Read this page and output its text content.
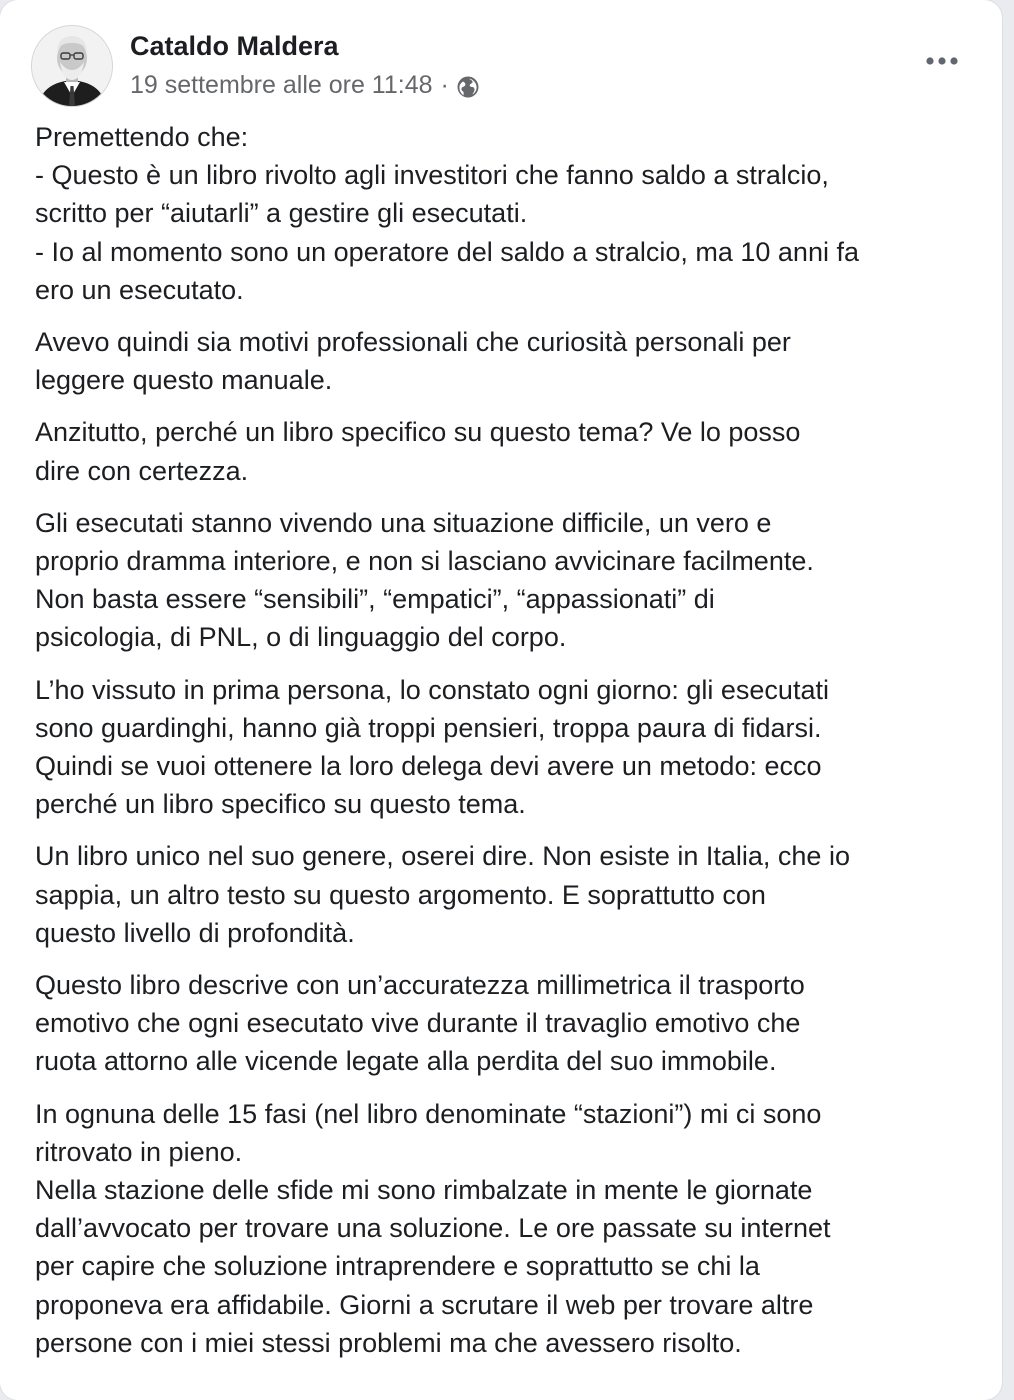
Cataldo Maldera
19 settembre alle ore 11:48 ·

Premettendo che:
- Questo è un libro rivolto agli investitori che fanno saldo a stralcio,
scritto per “aiutarli” a gestire gli esecutati.
- Io al momento sono un operatore del saldo a stralcio, ma 10 anni fa
ero un esecutato.

Avevo quindi sia motivi professionali che curiosità personali per
leggere questo manuale.

Anzitutto, perché un libro specifico su questo tema? Ve lo posso
dire con certezza.

Gli esecutati stanno vivendo una situazione difficile, un vero e
proprio dramma interiore, e non si lasciano avvicinare facilmente.
Non basta essere “sensibili”, “empatici”, “appassionati” di
psicologia, di PNL, o di linguaggio del corpo.

L’ho vissuto in prima persona, lo constato ogni giorno: gli esecutati
sono guardinghi, hanno già troppi pensieri, troppa paura di fidarsi.
Quindi se vuoi ottenere la loro delega devi avere un metodo: ecco
perché un libro specifico su questo tema.

Un libro unico nel suo genere, oserei dire. Non esiste in Italia, che io
sappia, un altro testo su questo argomento. E soprattutto con
questo livello di profondità.

Questo libro descrive con un’accuratezza millimetrica il trasporto
emotivo che ogni esecutato vive durante il travaglio emotivo che
ruota attorno alle vicende legate alla perdita del suo immobile.

In ognuna delle 15 fasi (nel libro denominate “stazioni”) mi ci sono
ritrovato in pieno.
Nella stazione delle sfide mi sono rimbalzate in mente le giornate
dall’avvocato per trovare una soluzione. Le ore passate su internet
per capire che soluzione intraprendere e soprattutto se chi la
proponeva era affidabile. Giorni a scrutare il web per trovare altre
persone con i miei stessi problemi ma che avessero risolto.
